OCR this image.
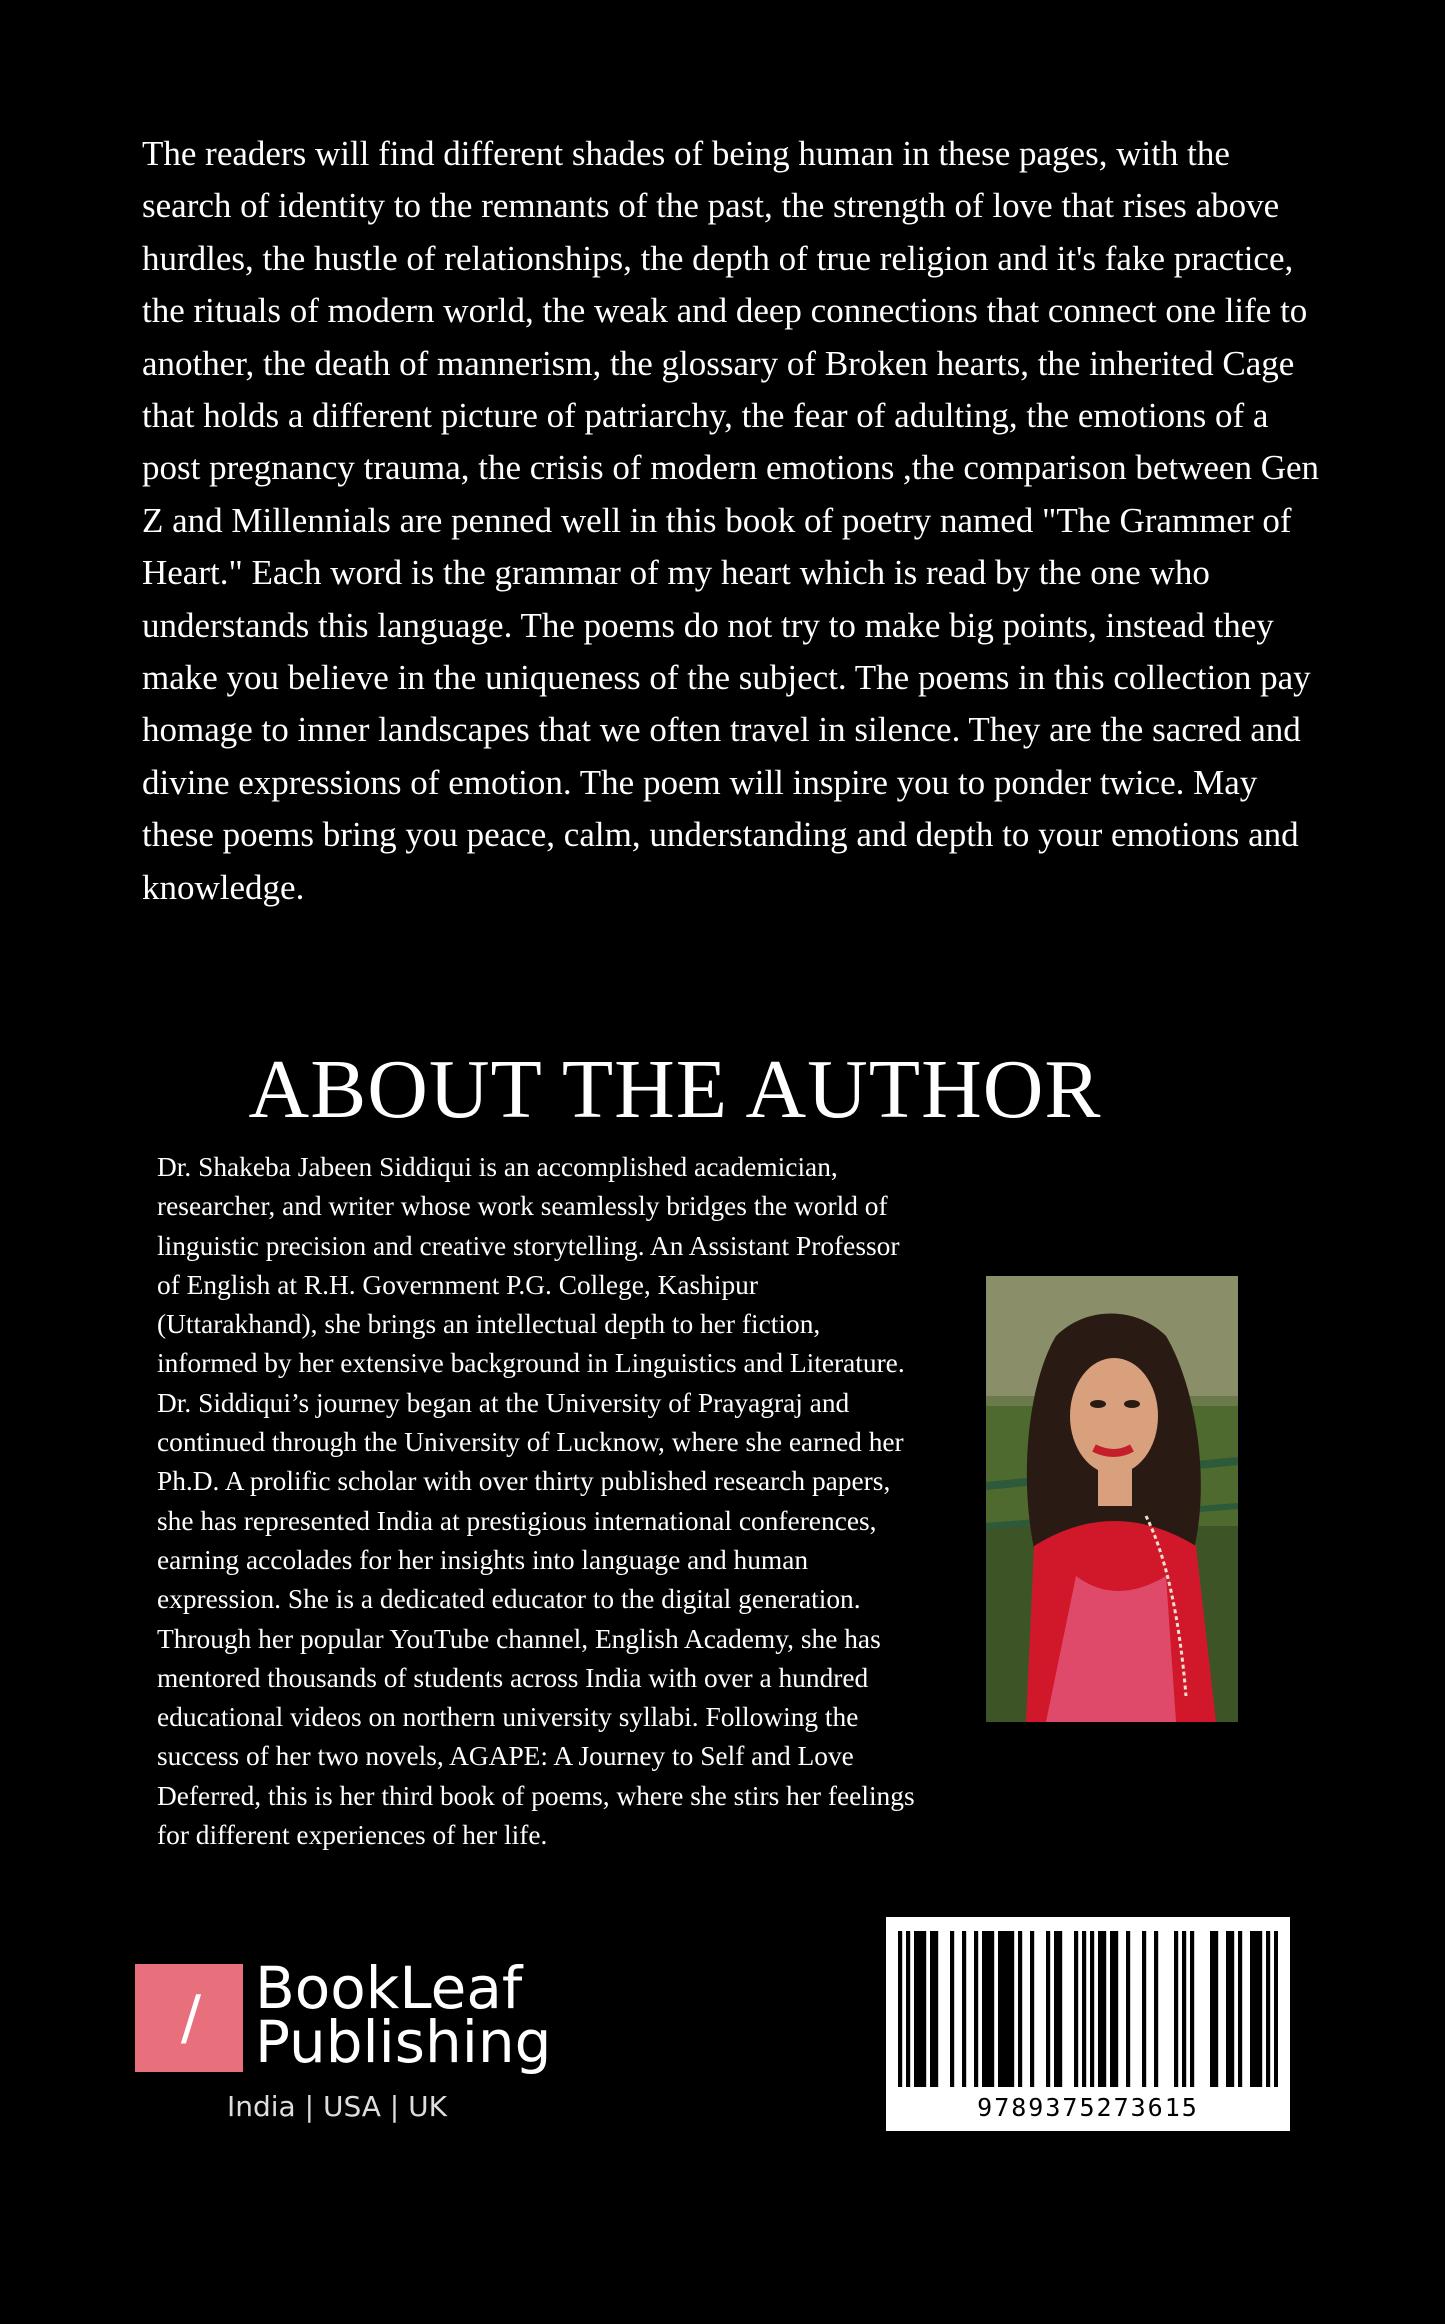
The readers will find different shades of being human in these pages, with the search of identity to the remnants of the past, the strength of love that rises above hurdles, the hustle of relationships, the depth of true religion and it's fake practice, the rituals of modern world, the weak and deep connections that connect one life to another, the death of mannerism, the glossary of Broken hearts, the inherited Cage that holds a different picture of patriarchy, the fear of adulting, the emotions of a post pregnancy trauma, the crisis of modern emotions ,the comparison between Gen Z and Millennials are penned well in this book of poetry named "The Grammer of Heart." Each word is the grammar of my heart which is read by the one who understands this language. The poems do not try to make big points, instead they make you believe in the uniqueness of the subject. The poems in this collection pay homage to inner landscapes that we often travel in silence. They are the sacred and divine expressions of emotion. The poem will inspire you to ponder twice. May these poems bring you peace, calm, understanding and depth to your emotions and knowledge.

ABOUT THE AUTHOR

Dr. Shakeba Jabeen Siddiqui is an accomplished academician, researcher, and writer whose work seamlessly bridges the world of linguistic precision and creative storytelling. An Assistant Professor of English at R.H. Government P.G. College, Kashipur (Uttarakhand), she brings an intellectual depth to her fiction, informed by her extensive background in Linguistics and Literature. Dr. Siddiqui’s journey began at the University of Prayagraj and continued through the University of Lucknow, where she earned her Ph.D. A prolific scholar with over thirty published research papers, she has represented India at prestigious international conferences, earning accolades for her insights into language and human expression. She is a dedicated educator to the digital generation. Through her popular YouTube channel, English Academy, she has mentored thousands of students across India with over a hundred educational videos on northern university syllabi. Following the success of her two novels, AGAPE: A Journey to Self and Love Deferred, this is her third book of poems, where she stirs her feelings for different experiences of her life.

/ BookLeaf
Publishing
India | USA | UK	9789375273615
